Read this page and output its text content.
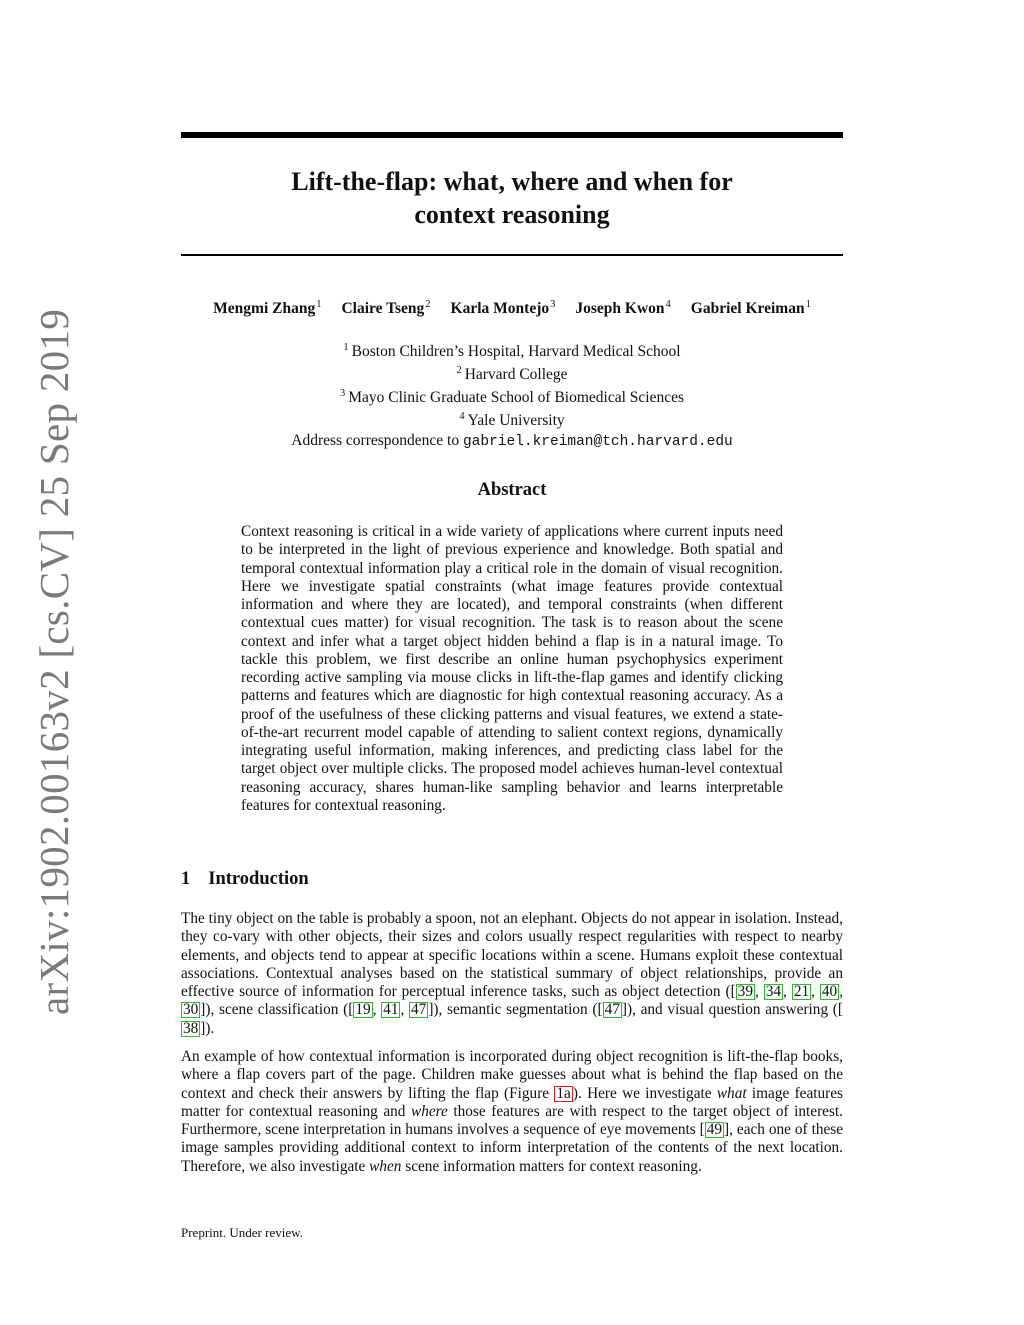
arXiv:1902.00163v2 [cs.CV] 25 Sep 2019
Lift-the-flap: what, where and when for
context reasoning
Mengmi Zhang$^1$ Claire Tseng$^2$ Karla Montejo$^3$ Joseph Kwon$^4$ Gabriel Kreiman$^1$
$^1$ Boston Children’s Hospital, Harvard Medical School
$^2$ Harvard College
$^3$ Mayo Clinic Graduate School of Biomedical Sciences
$^4$ Yale University
Address correspondence to gabriel.kreiman@tch.harvard.edu
Abstract
Context reasoning is critical in a wide variety of applications where current inputs need to be interpreted in the light of previous experience and knowledge. Both spatial and temporal contextual information play a critical role in the domain of visual recognition. Here we investigate spatial constraints (what image features provide contextual information and where they are located), and temporal constraints (when different contextual cues matter) for visual recognition. The task is to reason about the scene context and infer what a target object hidden behind a flap is in a natural image. To tackle this problem, we first describe an online human psychophysics experiment recording active sampling via mouse clicks in lift-the-flap games and identify clicking patterns and features which are diagnostic for high contextual reasoning accuracy. As a proof of the usefulness of these clicking patterns and visual features, we extend a state-of-the-art recurrent model capable of attending to salient context regions, dynamically integrating useful information, making inferences, and predicting class label for the target object over multiple clicks. The proposed model achieves human-level contextual reasoning accuracy, shares human-like sampling behavior and learns interpretable features for contextual reasoning.
1 Introduction
The tiny object on the table is probably a spoon, not an elephant. Objects do not appear in isolation. Instead, they co-vary with other objects, their sizes and colors usually respect regularities with respect to nearby elements, and objects tend to appear at specific locations within a scene. Humans exploit these contextual associations. Contextual analyses based on the statistical summary of object relationships, provide an effective source of information for perceptual inference tasks, such as object detection ([ 39 , 34 , 21 , 40 , 30 ]), scene classification ([ 19 , 41 , 47 ]), semantic segmentation ([ 47 ]), and visual question answering ([38 ]).
An example of how contextual information is incorporated during object recognition is lift-the-flap books, where a flap covers part of the page. Children make guesses about what is behind the flap based on the context and check their answers by lifting the flap (Figure 1a ). Here we investigate what image features matter for contextual reasoning and where those features are with respect to the target object of interest. Furthermore, scene interpretation in humans involves a sequence of eye movements [ 49 ], each one of these image samples providing additional context to inform interpretation of the contents of the next location. Therefore, we also investigate when scene information matters for context reasoning.
Preprint. Under review.
